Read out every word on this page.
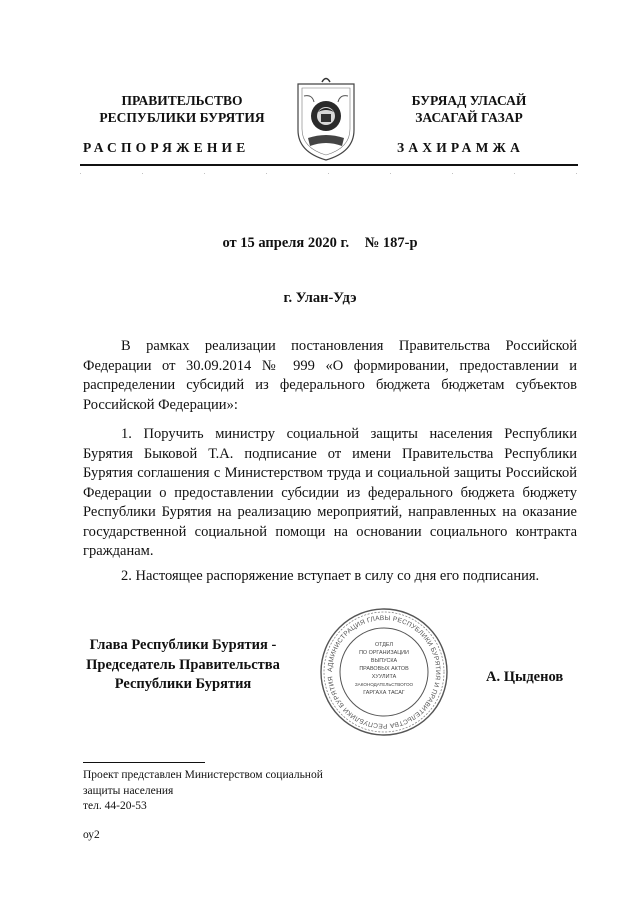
ПРАВИТЕЛЬСТВО
РЕСПУБЛИКИ БУРЯТИЯ
БУРЯАД УЛАСАЙ
ЗАСАГАЙ ГАЗАР
РАСПОРЯЖЕНИЕ	ЗАХИРАМЖА
от 15 апреля 2020 г. № 187-р
г. Улан-Удэ

В рамках реализации постановления Правительства Российской Федерации от 30.09.2014 № 999 «О формировании, предоставлении и распределении субсидий из федерального бюджета бюджетам субъектов Российской Федерации»:

1. Поручить министру социальной защиты населения Республики Бурятия Быковой Т.А. подписание от имени Правительства Республики Бурятия соглашения с Министерством труда и социальной защиты Российской Федерации о предоставлении субсидии из федерального бюджета бюджету Республики Бурятия на реализацию мероприятий, направленных на оказание государственной социальной помощи на основании социального контракта гражданам.

2. Настоящее распоряжение вступает в силу со дня его подписания.

Глава Республики Бурятия -
Председатель Правительства
Республики Бурятия
АДМИНИСТРАЦИЯ ГЛАВЫ РЕСПУБЛИКИ БУРЯТИЯ И ПРАВИТЕЛЬСТВА РЕСПУБЛИКИ БУРЯТИЯ
ОТДЕЛ
ПО ОРГАНИЗАЦИИ
ВЫПУСКА
ПРАВОВЫХ АКТОВ
ХУУЛИТА
ЗАКОНОДАТЕЛЬСТВОГОО
ГАРГАХА ТАСАГ
А. Цыденов
Проект представлен Министерством социальной
защиты населения
тел. 44-20-53
оу2
